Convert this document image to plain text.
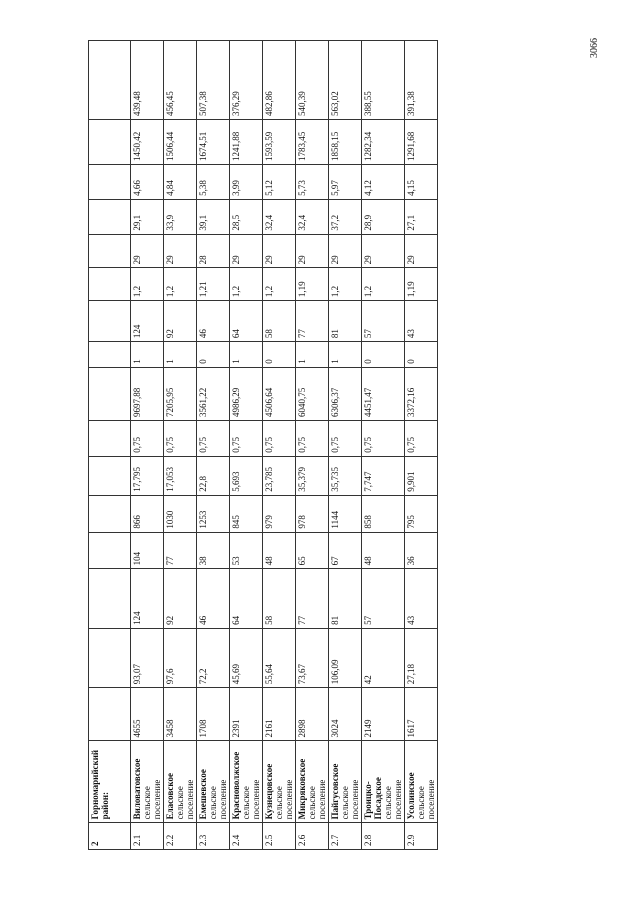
3066
2	Горномарийский район:																
2.1	Виловатовское
сельское поселение	4655	93,07	124	104	866	17,795	0,75	9697,88	1	124	1,2	29	29,1	4,66	1450,42	439,48
2.2	Еласовское
сельское поселение	3458	97,6	92	77	1030	17,053	0,75	7205,95	1	92	1,2	29	33,9	4,84	1506,44	456,45
2.3	Емешевское
сельское поселение	1708	72,2	46	38	1253	22,8	0,75	3561,22	0	46	1,21	28	39,1	5,38	1674,51	507,38
2.4	Красноволжское
сельское поселение	2391	45,69	64	53	845	5,693	0,75	4986,29	1	64	1,2	29	28,5	3,99	1241,88	376,29
2.5	Кузнецовское
сельское поселение	2161	55,64	58	48	979	23,785	0,75	4506,64	0	58	1,2	29	32,4	5,12	1593,59	482,86
2.6	Микряковское
сельское поселение	2898	73,67	77	65	978	35,379	0,75	6040,75	1	77	1,19	29	32,4	5,73	1783,45	540,39
2.7	Пайгусовское
сельское поселение	3024	106,09	81	67	1144	35,735	0,75	6306,37	1	81	1,2	29	37,2	5,97	1858,15	563,02
2.8	Троицко-Посадское
сельское поселение	2149	42	57	48	858	7,747	0,75	4451,47	0	57	1,2	29	28,9	4,12	1282,34	388,55
2.9	Усолинское
сельское поселение	1617	27,18	43	36	795	9,901	0,75	3372,16	0	43	1,19	29	27,1	4,15	1291,68	391,38
